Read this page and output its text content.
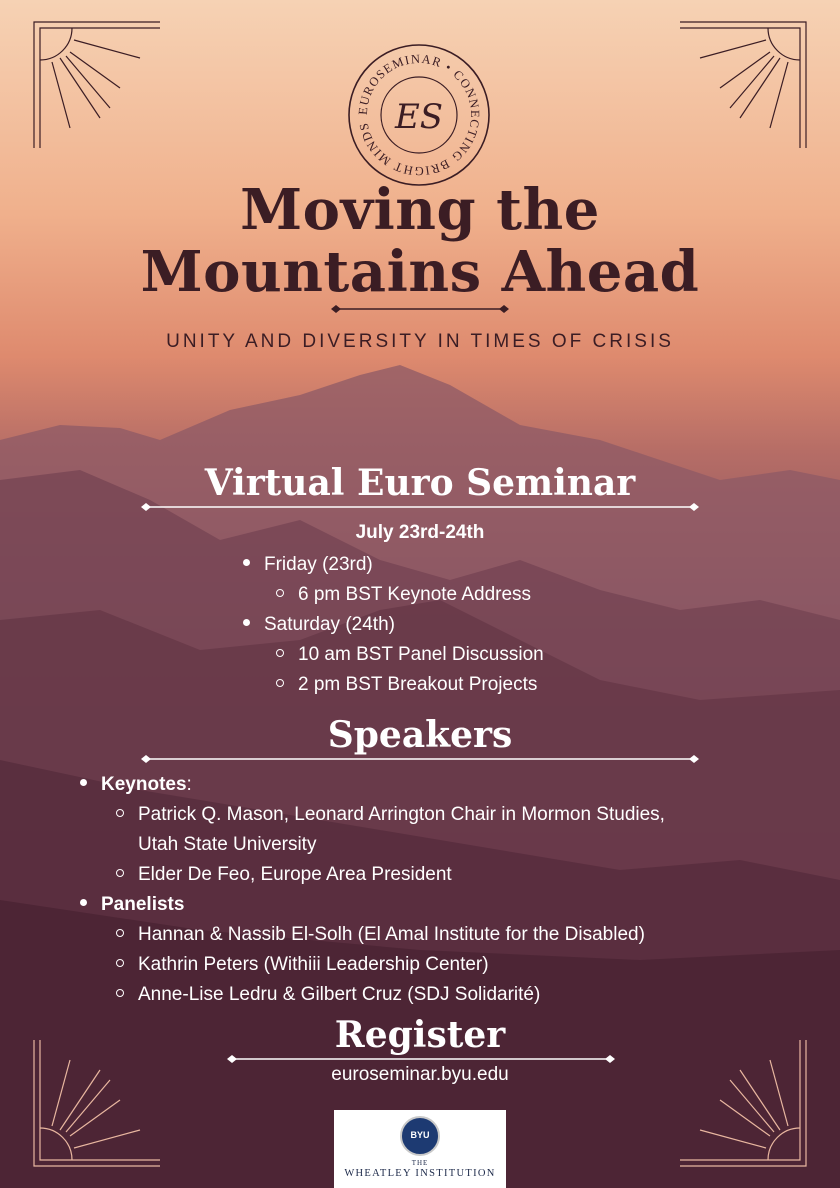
EUROSEMINAR • CONNECTING BRIGHT MINDS ES
Moving the
Mountains Ahead
UNITY AND DIVERSITY IN TIMES OF CRISIS
Virtual Euro Seminar
July 23rd-24th
Friday (23rd)
6 pm BST Keynote Address
Saturday (24th)
10 am BST Panel Discussion
2 pm BST Breakout Projects
Speakers
Keynotes:
Patrick Q. Mason, Leonard Arrington Chair in Mormon Studies,
Utah State University
Elder De Feo, Europe Area President
Panelists
Hannan & Nassib El-Solh (El Amal Institute for the Disabled)
Kathrin Peters (Withiii Leadership Center)
Anne-Lise Ledru & Gilbert Cruz (SDJ Solidarité)
Register
euroseminar.byu.edu
BYU
THE
WHEATLEY INSTITUTION
